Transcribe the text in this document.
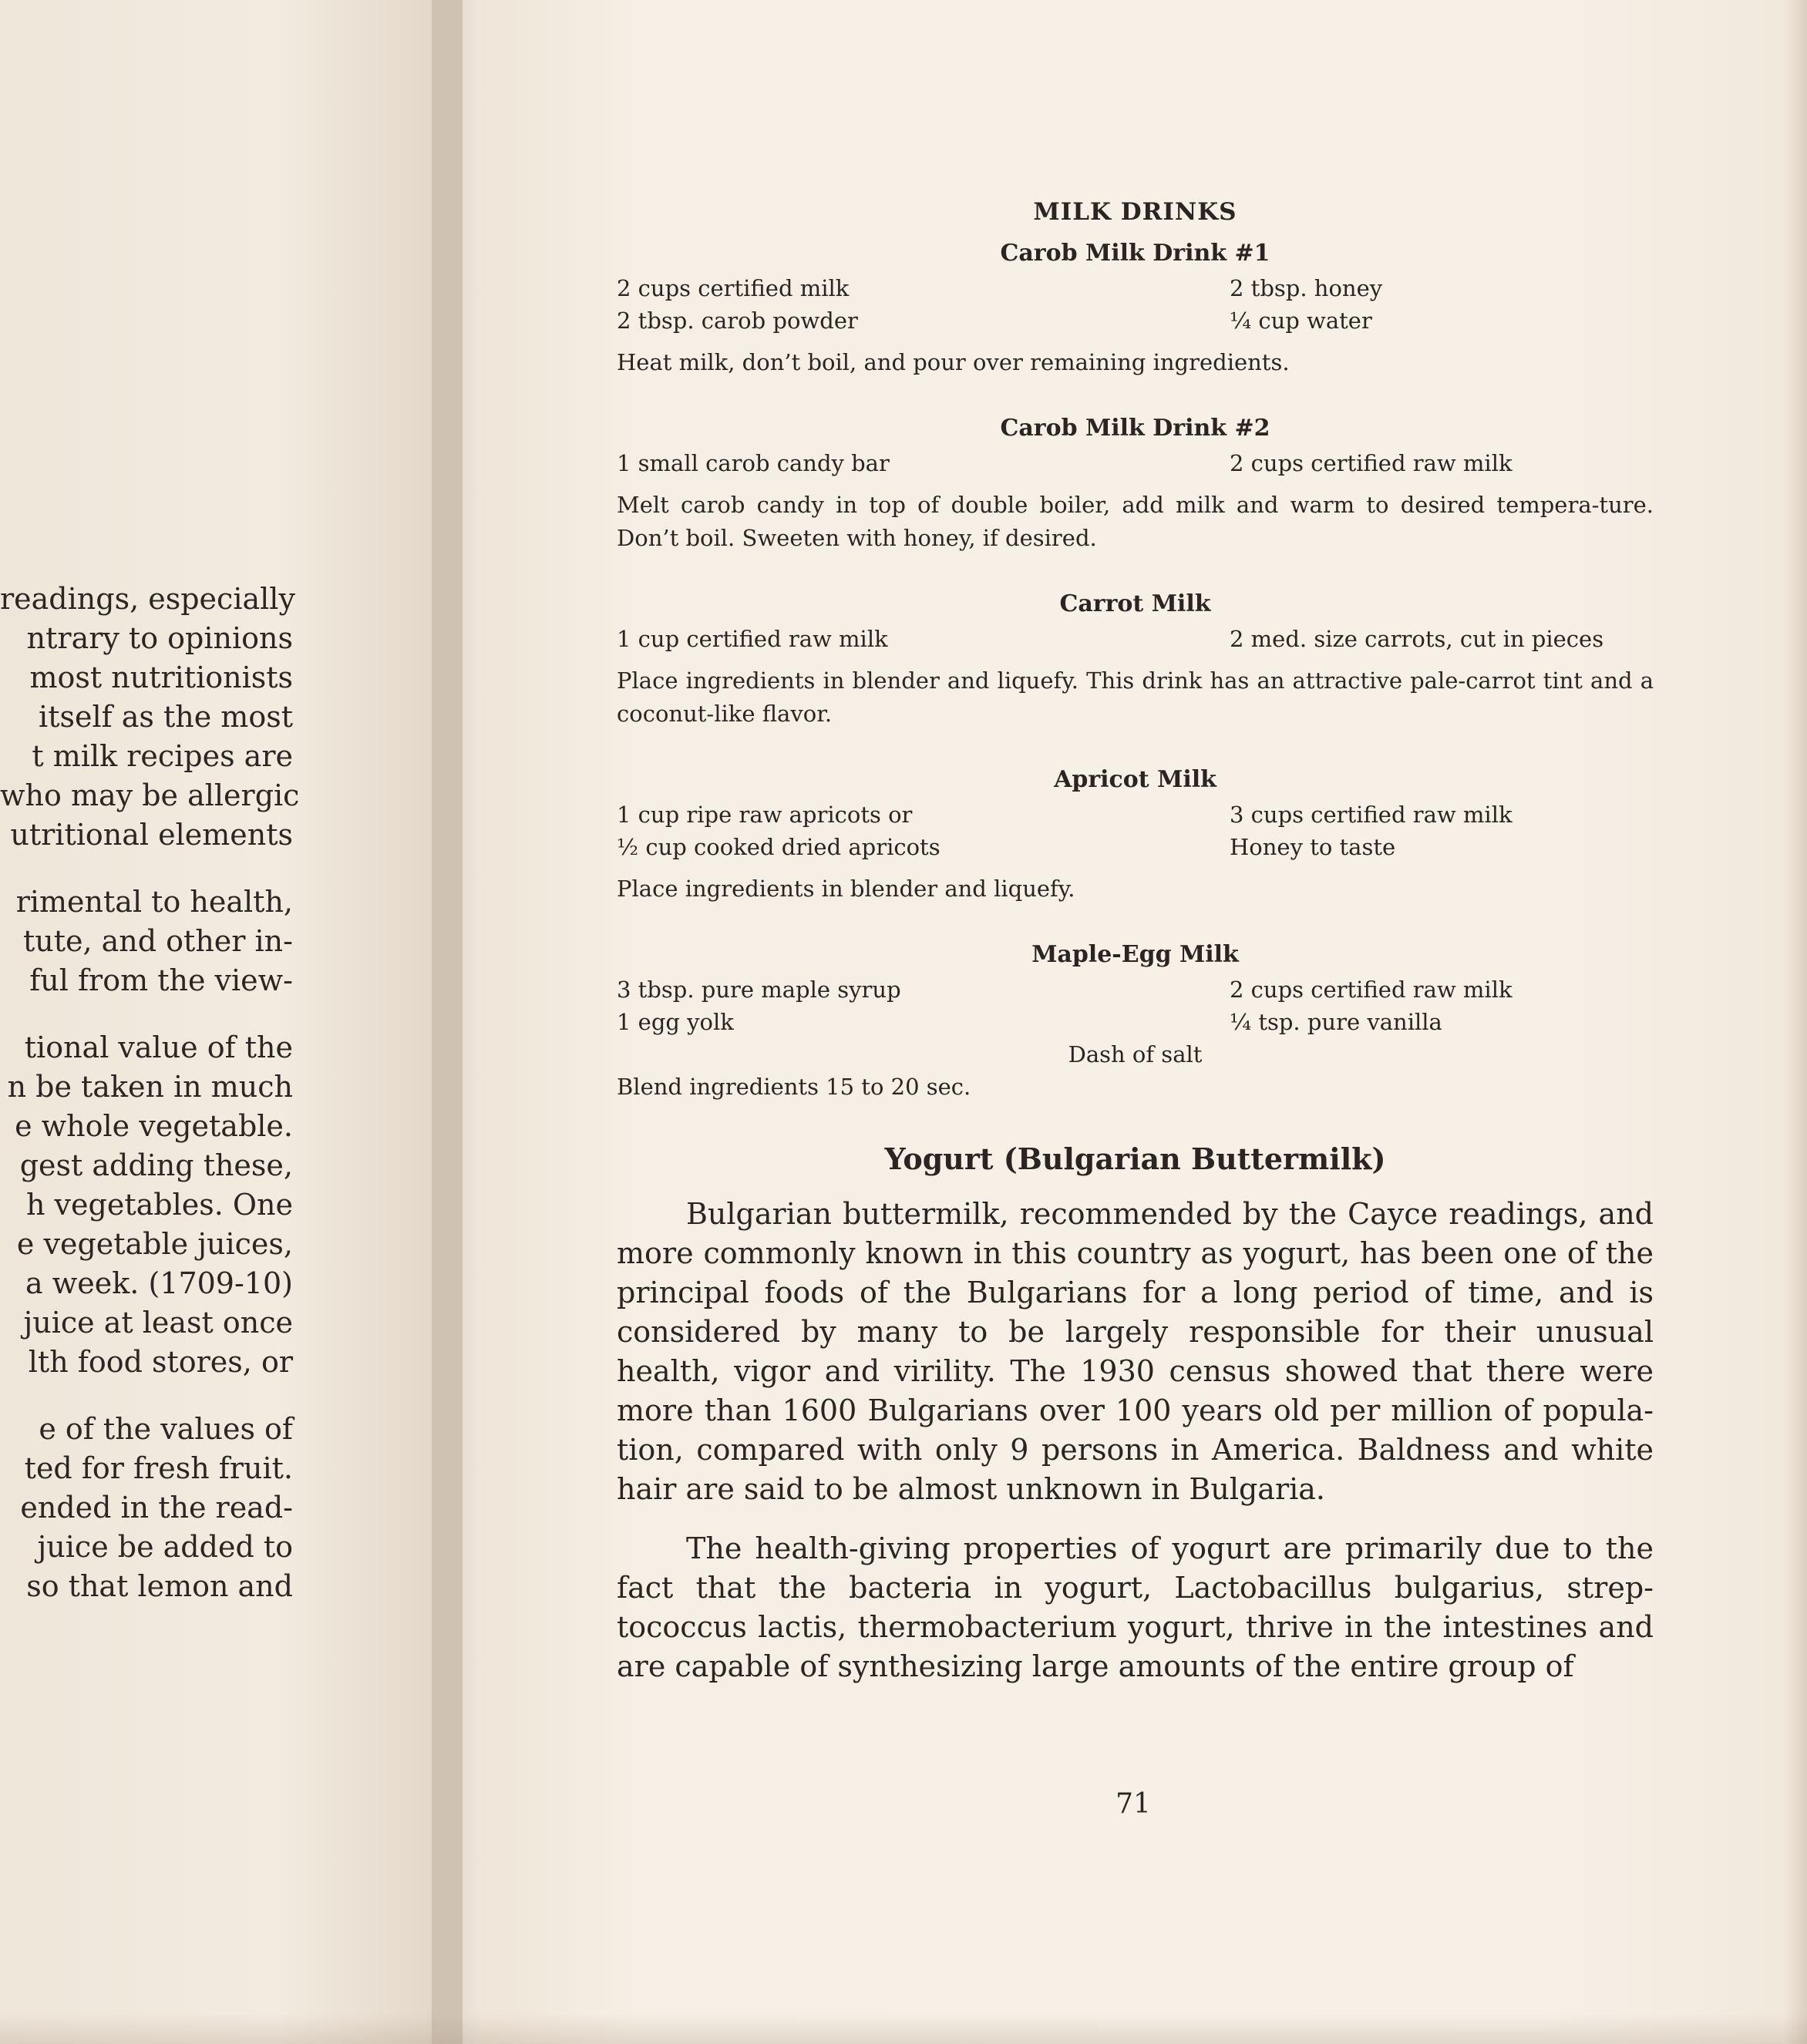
readings, especially
ntrary to opinions
most nutritionists
itself as the most
t milk recipes are
who may be allergic
utritional elements
rimental to health,
tute, and other in-
ful from the view-
tional value of the
n be taken in much
e whole vegetable.
gest adding these,
h vegetables. One
e vegetable juices,
a week. (1709-10)
juice at least once
lth food stores, or
e of the values of
ted for fresh fruit.
ended in the read-
juice be added to
so that lemon and
MILK DRINKS
Carob Milk Drink #1
2 cups certified milk	2 tbsp. honey
2 tbsp. carob powder	¼ cup water
Heat milk, don’t boil, and pour over remaining ingredients.
Carob Milk Drink #2
1 small carob candy bar	2 cups certified raw milk
Melt carob candy in top of double boiler, add milk and warm to desired tempera-ture. Don’t boil. Sweeten with honey, if desired.
Carrot Milk
1 cup certified raw milk	2 med. size carrots, cut in pieces
Place ingredients in blender and liquefy. This drink has an attractive pale-carrot tint and a coconut-like flavor.
Apricot Milk
1 cup ripe raw apricots or	3 cups certified raw milk
½ cup cooked dried apricots	Honey to taste
Place ingredients in blender and liquefy.
Maple-Egg Milk
3 tbsp. pure maple syrup	2 cups certified raw milk
1 egg yolk	¼ tsp. pure vanilla
Dash of salt
Blend ingredients 15 to 20 sec.
Yogurt (Bulgarian Buttermilk)

Bulgarian buttermilk, recommended by the Cayce readings, and more commonly known in this country as yogurt, has been one of the principal foods of the Bulgarians for a long period of time, and is considered by many to be largely responsible for their unusual health, vigor and virility. The 1930 census showed that there were more than 1600 Bulgarians over 100 years old per million of popula-tion, compared with only 9 persons in America. Baldness and white hair are said to be almost unknown in Bulgaria.

The health-giving properties of yogurt are primarily due to the fact that the bacteria in yogurt, Lactobacillus bulgarius, strep-tococcus lactis, thermobacterium yogurt, thrive in the intestines and are capable of synthesizing large amounts of the entire group of

71
